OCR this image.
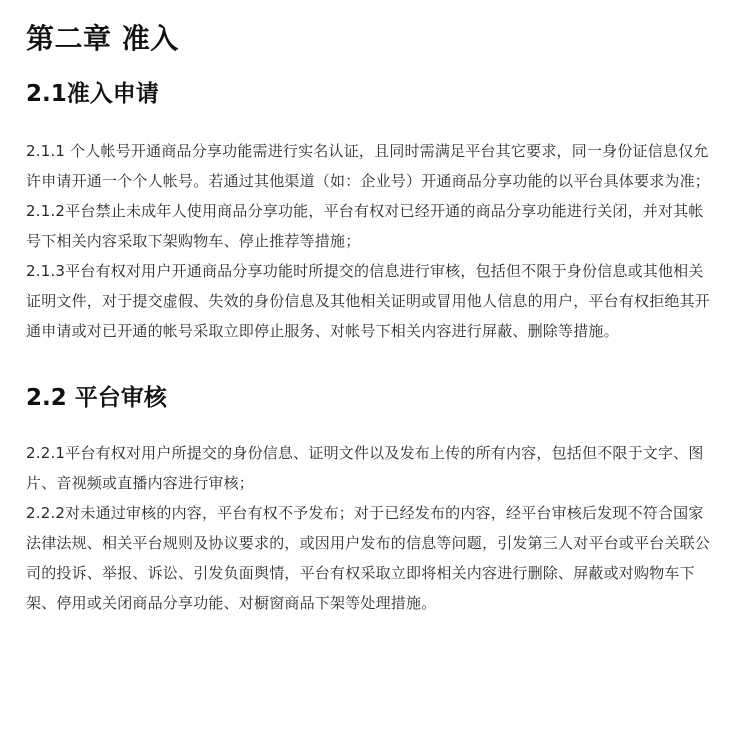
第二章 准入
2.1准入申请

2.1.1 个人帐号开通商品分享功能需进行实名认证，且同时需满足平台其它要求，同一身份证信息仅允许申请开通一个个人帐号。若通过其他渠道（如：企业号）开通商品分享功能的以平台具体要求为准；

2.1.2平台禁止未成年人使用商品分享功能，平台有权对已经开通的商品分享功能进行关闭，并对其帐号下相关内容采取下架购物车、停止推荐等措施；

2.1.3平台有权对用户开通商品分享功能时所提交的信息进行审核，包括但不限于身份信息或其他相关证明文件，对于提交虚假、失效的身份信息及其他相关证明或冒用他人信息的用户，平台有权拒绝其开通申请或对已开通的帐号采取立即停止服务、对帐号下相关内容进行屏蔽、删除等措施。

2.2 平台审核

2.2.1平台有权对用户所提交的身份信息、证明文件以及发布上传的所有内容，包括但不限于文字、图片、音视频或直播内容进行审核；

2.2.2对未通过审核的内容，平台有权不予发布；对于已经发布的内容，经平台审核后发现不符合国家法律法规、相关平台规则及协议要求的，或因用户发布的信息等问题，引发第三人对平台或平台关联公司的投诉、举报、诉讼、引发负面舆情，平台有权采取立即将相关内容进行删除、屏蔽或对购物车下架、停用或关闭商品分享功能、对橱窗商品下架等处理措施。
